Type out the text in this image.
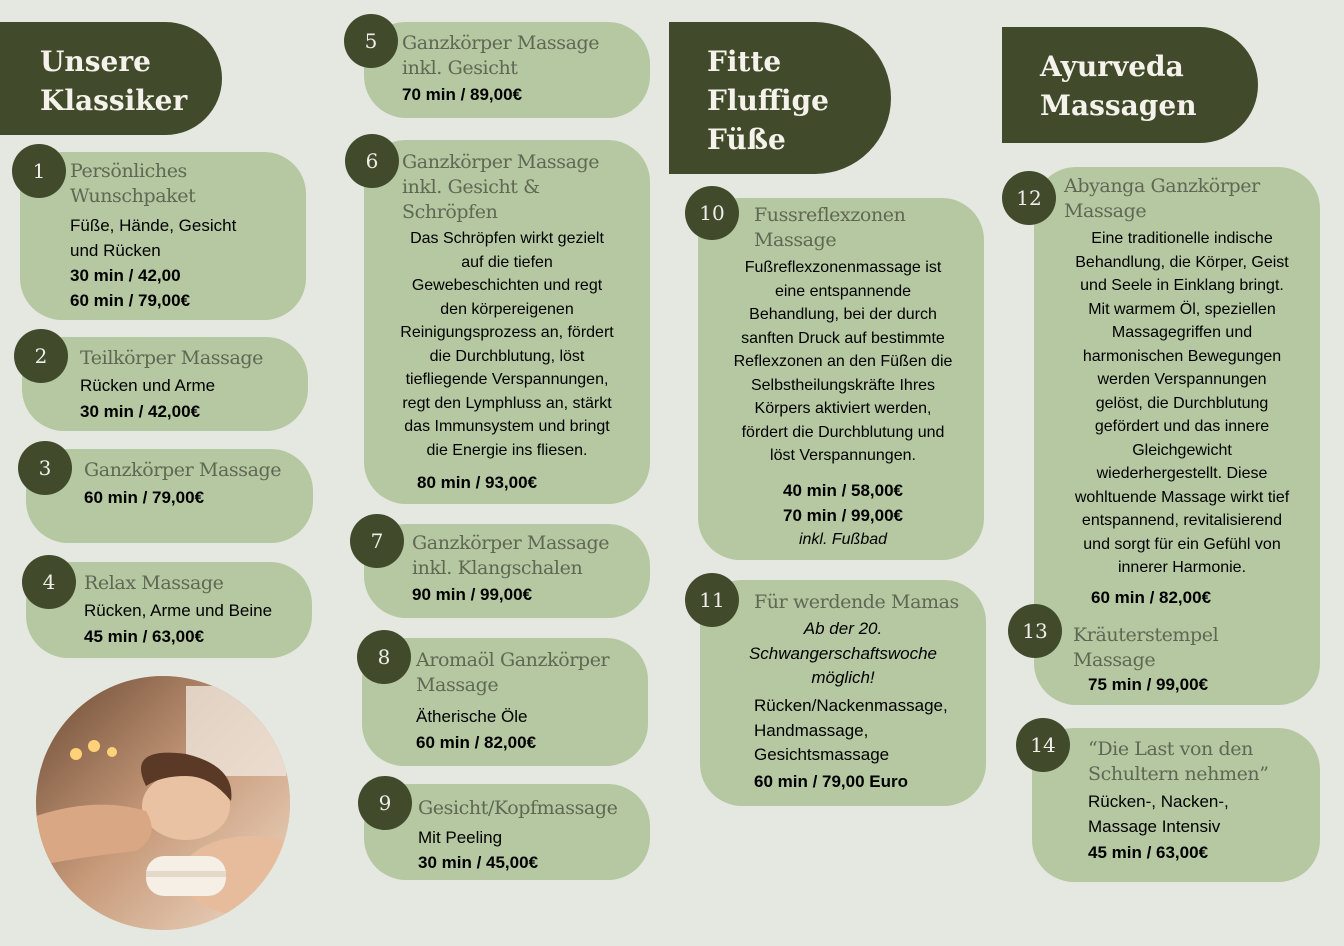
Unsere
Klassiker
Fitte
Fluffige
Füße
Ayurveda
Massagen
1	Persönliches
Wunschpaket
Füße, Hände, Gesicht
und Rücken
30 min / 42,00
60 min / 79,00€
2	Teilkörper Massage
Rücken und Arme
30 min / 42,00€
3	Ganzkörper Massage
60 min / 79,00€
4	Relax Massage
Rücken, Arme und Beine
45 min / 63,00€
5	Ganzkörper Massage
inkl. Gesicht
70 min / 89,00€
6	Ganzkörper Massage
inkl. Gesicht &
Schröpfen
Das Schröpfen wirkt gezielt
auf die tiefen
Gewebeschichten und regt
den körpereigenen
Reinigungsprozess an, fördert
die Durchblutung, löst
tiefliegende Verspannungen,
regt den Lymphluss an, stärkt
das Immunsystem und bringt
die Energie ins fliesen.
80 min / 93,00€
7	Ganzkörper Massage
inkl. Klangschalen
90 min / 99,00€
8	Aromaöl Ganzkörper
Massage
Ätherische Öle
60 min / 82,00€
9	Gesicht/Kopfmassage
Mit Peeling
30 min / 45,00€
10	Fussreflexzonen
Massage
Fußreflexzonenmassage ist
eine entspannende
Behandlung, bei der durch
sanften Druck auf bestimmte
Reflexzonen an den Füßen die
Selbstheilungskräfte Ihres
Körpers aktiviert werden,
fördert die Durchblutung und
löst Verspannungen.
40 min / 58,00€
70 min / 99,00€
inkl. Fußbad
11	Für werdende Mamas
Ab der 20.
Schwangerschaftswoche
möglich!
Rücken/Nackenmassage,
Handmassage,
Gesichtsmassage
60 min / 79,00 Euro
12	Abyanga Ganzkörper
Massage
Eine traditionelle indische
Behandlung, die Körper, Geist
und Seele in Einklang bringt.
Mit warmem Öl, speziellen
Massagegriffen und
harmonischen Bewegungen
werden Verspannungen
gelöst, die Durchblutung
gefördert und das innere
Gleichgewicht
wiederhergestellt. Diese
wohltuende Massage wirkt tief
entspannend, revitalisierend
und sorgt für ein Gefühl von
innerer Harmonie.
60 min / 82,00€
13	Kräuterstempel
Massage
75 min / 99,00€
14	“Die Last von den
Schultern nehmen”
Rücken-, Nacken-,
Massage Intensiv
45 min / 63,00€
